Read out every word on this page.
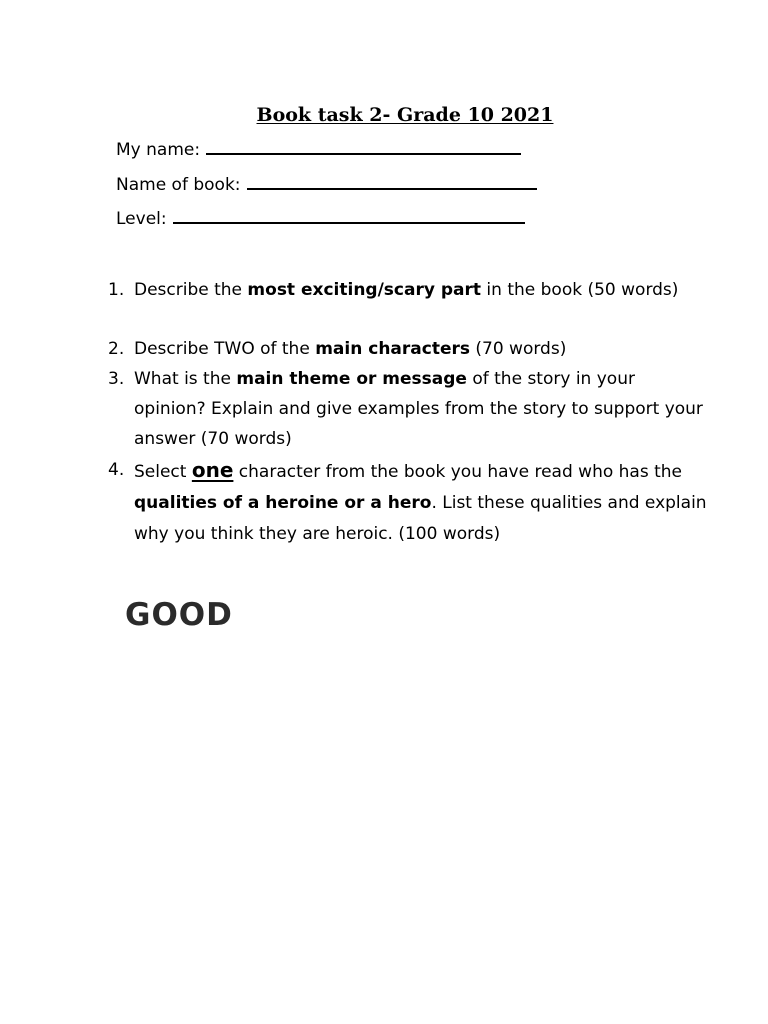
Book task 2- Grade 10 2021
My name:
Name of book:
Level:
1. Describe the most exciting/scary part in the book (50 words)
2. Describe TWO of the main characters (70 words)
3. What is the main theme or message of the story in your opinion? Explain and give examples from the story to support your answer (70 words)
4. Select one character from the book you have read who has the qualities of a heroine or a hero. List these qualities and explain why you think they are heroic. (100 words)
GOOD
